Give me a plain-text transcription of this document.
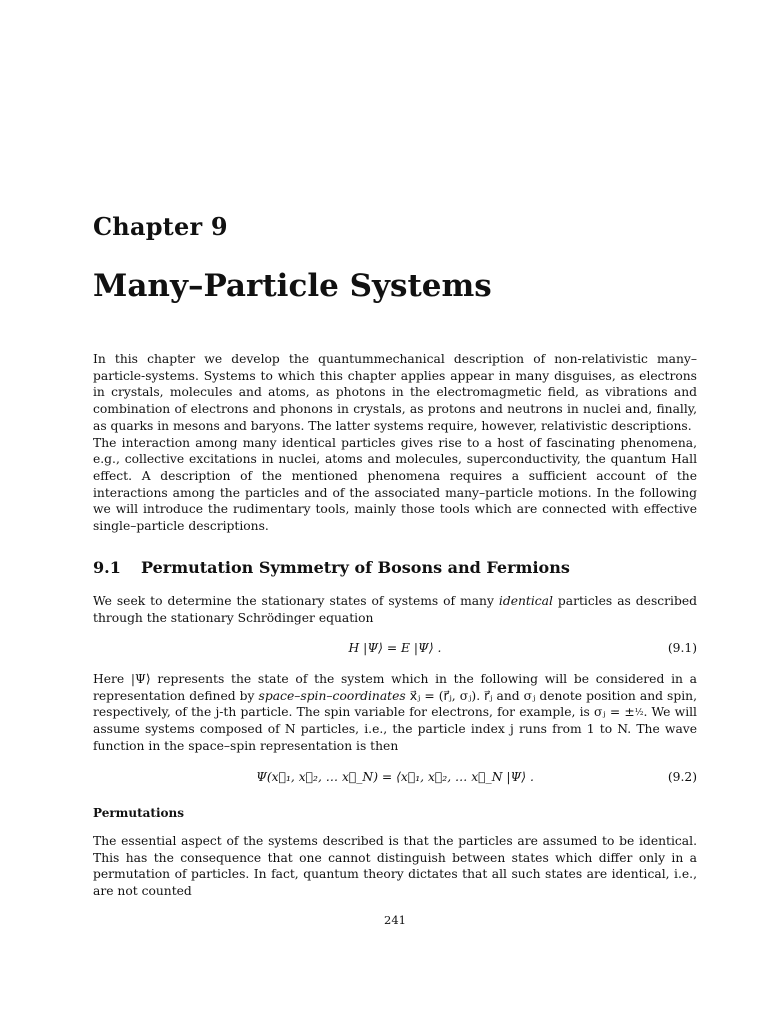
Chapter 9
Many–Particle Systems

In this chapter we develop the quantummechanical description of non-relativistic many–particle-systems. Systems to which this chapter applies appear in many disguises, as electrons in crystals, molecules and atoms, as photons in the electromagmetic field, as vibrations and combination of electrons and phonons in crystals, as protons and neutrons in nuclei and, finally, as quarks in mesons and baryons. The latter systems require, however, relativistic descriptions.

The interaction among many identical particles gives rise to a host of fascinating phenomena, e.g., collective excitations in nuclei, atoms and molecules, superconductivity, the quantum Hall effect. A description of the mentioned phenomena requires a sufficient account of the interactions among the particles and of the associated many–particle motions. In the following we will introduce the rudimentary tools, mainly those tools which are connected with effective single–particle descriptions.

9.1 Permutation Symmetry of Bosons and Fermions

We seek to determine the stationary states of systems of many identical particles as described through the stationary Schrödinger equation

H |Ψ⟩ = E |Ψ⟩ .	(9.1)

Here |Ψ⟩ represents the state of the system which in the following will be considered in a representation defined by space–spin–coordinates x⃗ⱼ = (r⃗ⱼ, σⱼ). r⃗ⱼ and σⱼ denote position and spin, respectively, of the j-th particle. The spin variable for electrons, for example, is σⱼ = ±½. We will assume systems composed of N particles, i.e., the particle index j runs from 1 to N. The wave function in the space–spin representation is then

Ψ(x⃗₁, x⃗₂, … x⃗_N) = ⟨x⃗₁, x⃗₂, … x⃗_N |Ψ⟩ .	(9.2)
Permutations

The essential aspect of the systems described is that the particles are assumed to be identical. This has the consequence that one cannot distinguish between states which differ only in a permutation of particles. In fact, quantum theory dictates that all such states are identical, i.e., are not counted

241
